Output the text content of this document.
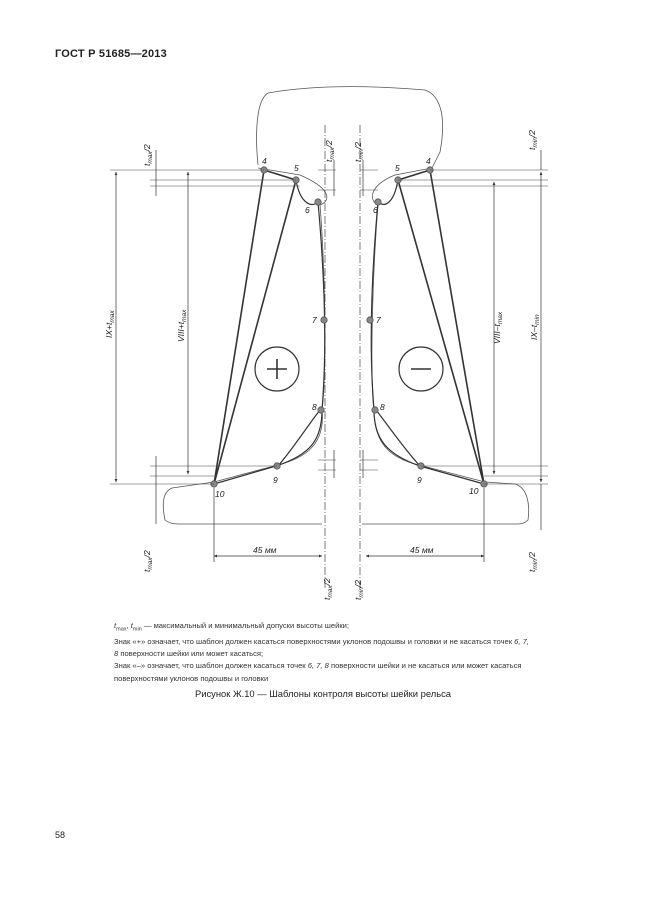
ГОСТ Р 51685—2013
4
5
6
7
8
9
10
4
5
6
7
8
9
10
$IX+t_{max}$
$VIII+t_{max}$
VIII–$t_{max}$
$IX-t_{min}$
$t_{max}/2$
$t_{max}/2$
$t_{min}/2$	$t_{min}/2$
$t_{max}/2$
$t_{max}/2$
$t_{min}/2$
$t_{min}/2$
45 мм	45 мм

$t_{max}$, $t_{min}$ — максимальный и минимальный допуски высоты шейки;

Знак «+» означает, что шаблон должен касаться поверхностями уклонов подошвы и головки и не касаться точек 6, 7,

8 поверхности шейки или может касаться;

Знак «–» означает, что шаблон должен касаться точек 6, 7, 8 поверхности шейки и не касаться или может касаться

поверхностями уклонов подошвы и головки

Рисунок Ж.10 — Шаблоны контроля высоты шейки рельса
58
